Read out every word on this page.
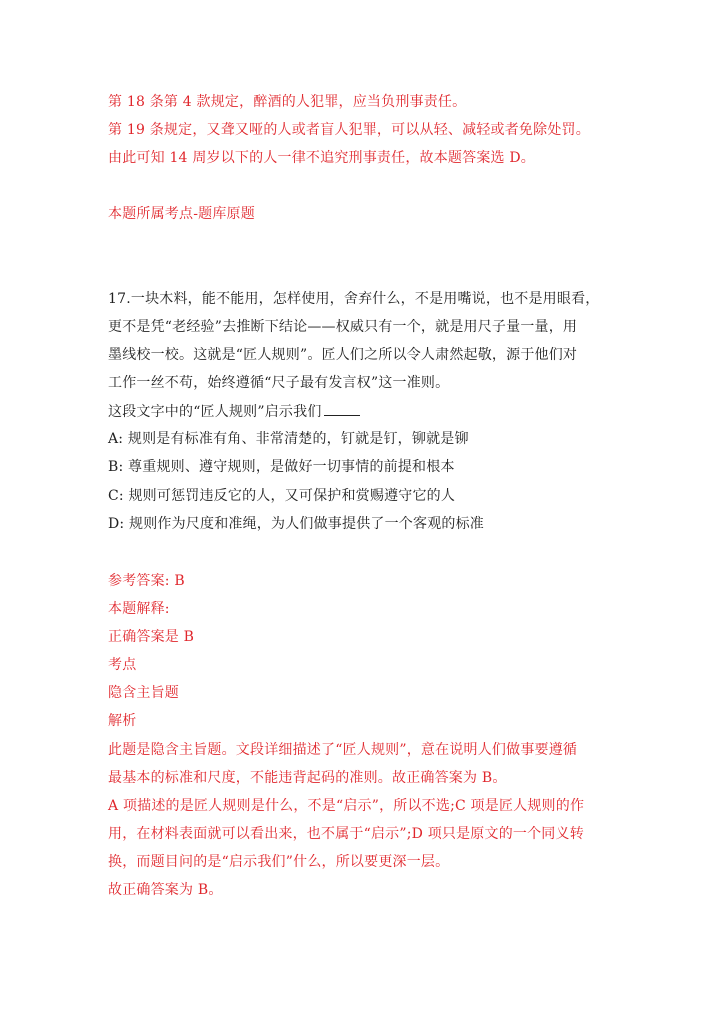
第 18 条第 4 款规定，醉酒的人犯罪，应当负刑事责任。
第 19 条规定，又聋又哑的人或者盲人犯罪，可以从轻、减轻或者免除处罚。
由此可知 14 周岁以下的人一律不追究刑事责任，故本题答案选 D。
本题所属考点-题库原题
17.一块木料，能不能用，怎样使用，舍弃什么，不是用嘴说，也不是用眼看，
更不是凭“老经验”去推断下结论——权威只有一个，就是用尺子量一量，用
墨线校一校。这就是“匠人规则”。匠人们之所以令人肃然起敬，源于他们对
工作一丝不苟，始终遵循“尺子最有发言权”这一准则。
这段文字中的“匠人规则”启示我们
A: 规则是有标准有角、非常清楚的，钉就是钉，铆就是铆
B: 尊重规则、遵守规则，是做好一切事情的前提和根本
C: 规则可惩罚违反它的人，又可保护和赏赐遵守它的人
D: 规则作为尺度和准绳，为人们做事提供了一个客观的标准
参考答案: B
本题解释:
正确答案是 B
考点
隐含主旨题
解析
此题是隐含主旨题。文段详细描述了“匠人规则”，意在说明人们做事要遵循
最基本的标准和尺度，不能违背起码的准则。故正确答案为 B。
A 项描述的是匠人规则是什么，不是“启示”，所以不选;C 项是匠人规则的作
用，在材料表面就可以看出来，也不属于“启示”;D 项只是原文的一个同义转
换，而题目问的是“启示我们”什么，所以要更深一层。
故正确答案为 B。
